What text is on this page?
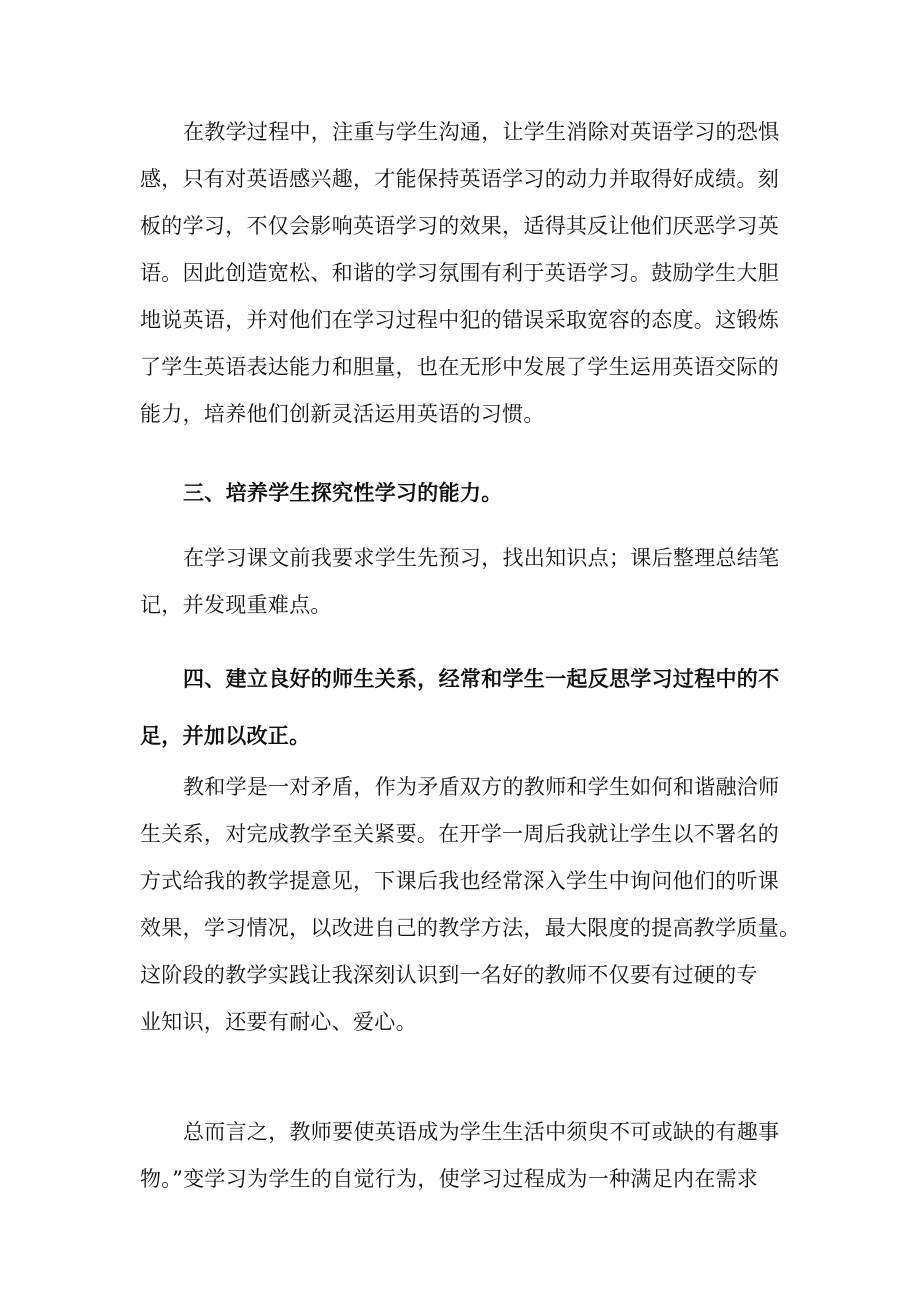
在教学过程中，注重与学生沟通，让学生消除对英语学习的恐惧
感，只有对英语感兴趣，才能保持英语学习的动力并取得好成绩。刻
板的学习，不仅会影响英语学习的效果，适得其反让他们厌恶学习英
语。因此创造宽松、和谐的学习氛围有利于英语学习。鼓励学生大胆
地说英语，并对他们在学习过程中犯的错误采取宽容的态度。这锻炼
了学生英语表达能力和胆量，也在无形中发展了学生运用英语交际的
能力，培养他们创新灵活运用英语的习惯。
三、培养学生探究性学习的能力。
在学习课文前我要求学生先预习，找出知识点；课后整理总结笔
记，并发现重难点。
四、建立良好的师生关系，经常和学生一起反思学习过程中的不
足，并加以改正。
教和学是一对矛盾，作为矛盾双方的教师和学生如何和谐融洽师
生关系，对完成教学至关紧要。在开学一周后我就让学生以不署名的
方式给我的教学提意见，下课后我也经常深入学生中询问他们的听课
效果，学习情况，以改进自己的教学方法，最大限度的提高教学质量。
这阶段的教学实践让我深刻认识到一名好的教师不仅要有过硬的专
业知识，还要有耐心、爱心。
总而言之，教师要使英语成为学生生活中须臾不可或缺的有趣事
物。”变学习为学生的自觉行为，使学习过程成为一种满足内在需求
